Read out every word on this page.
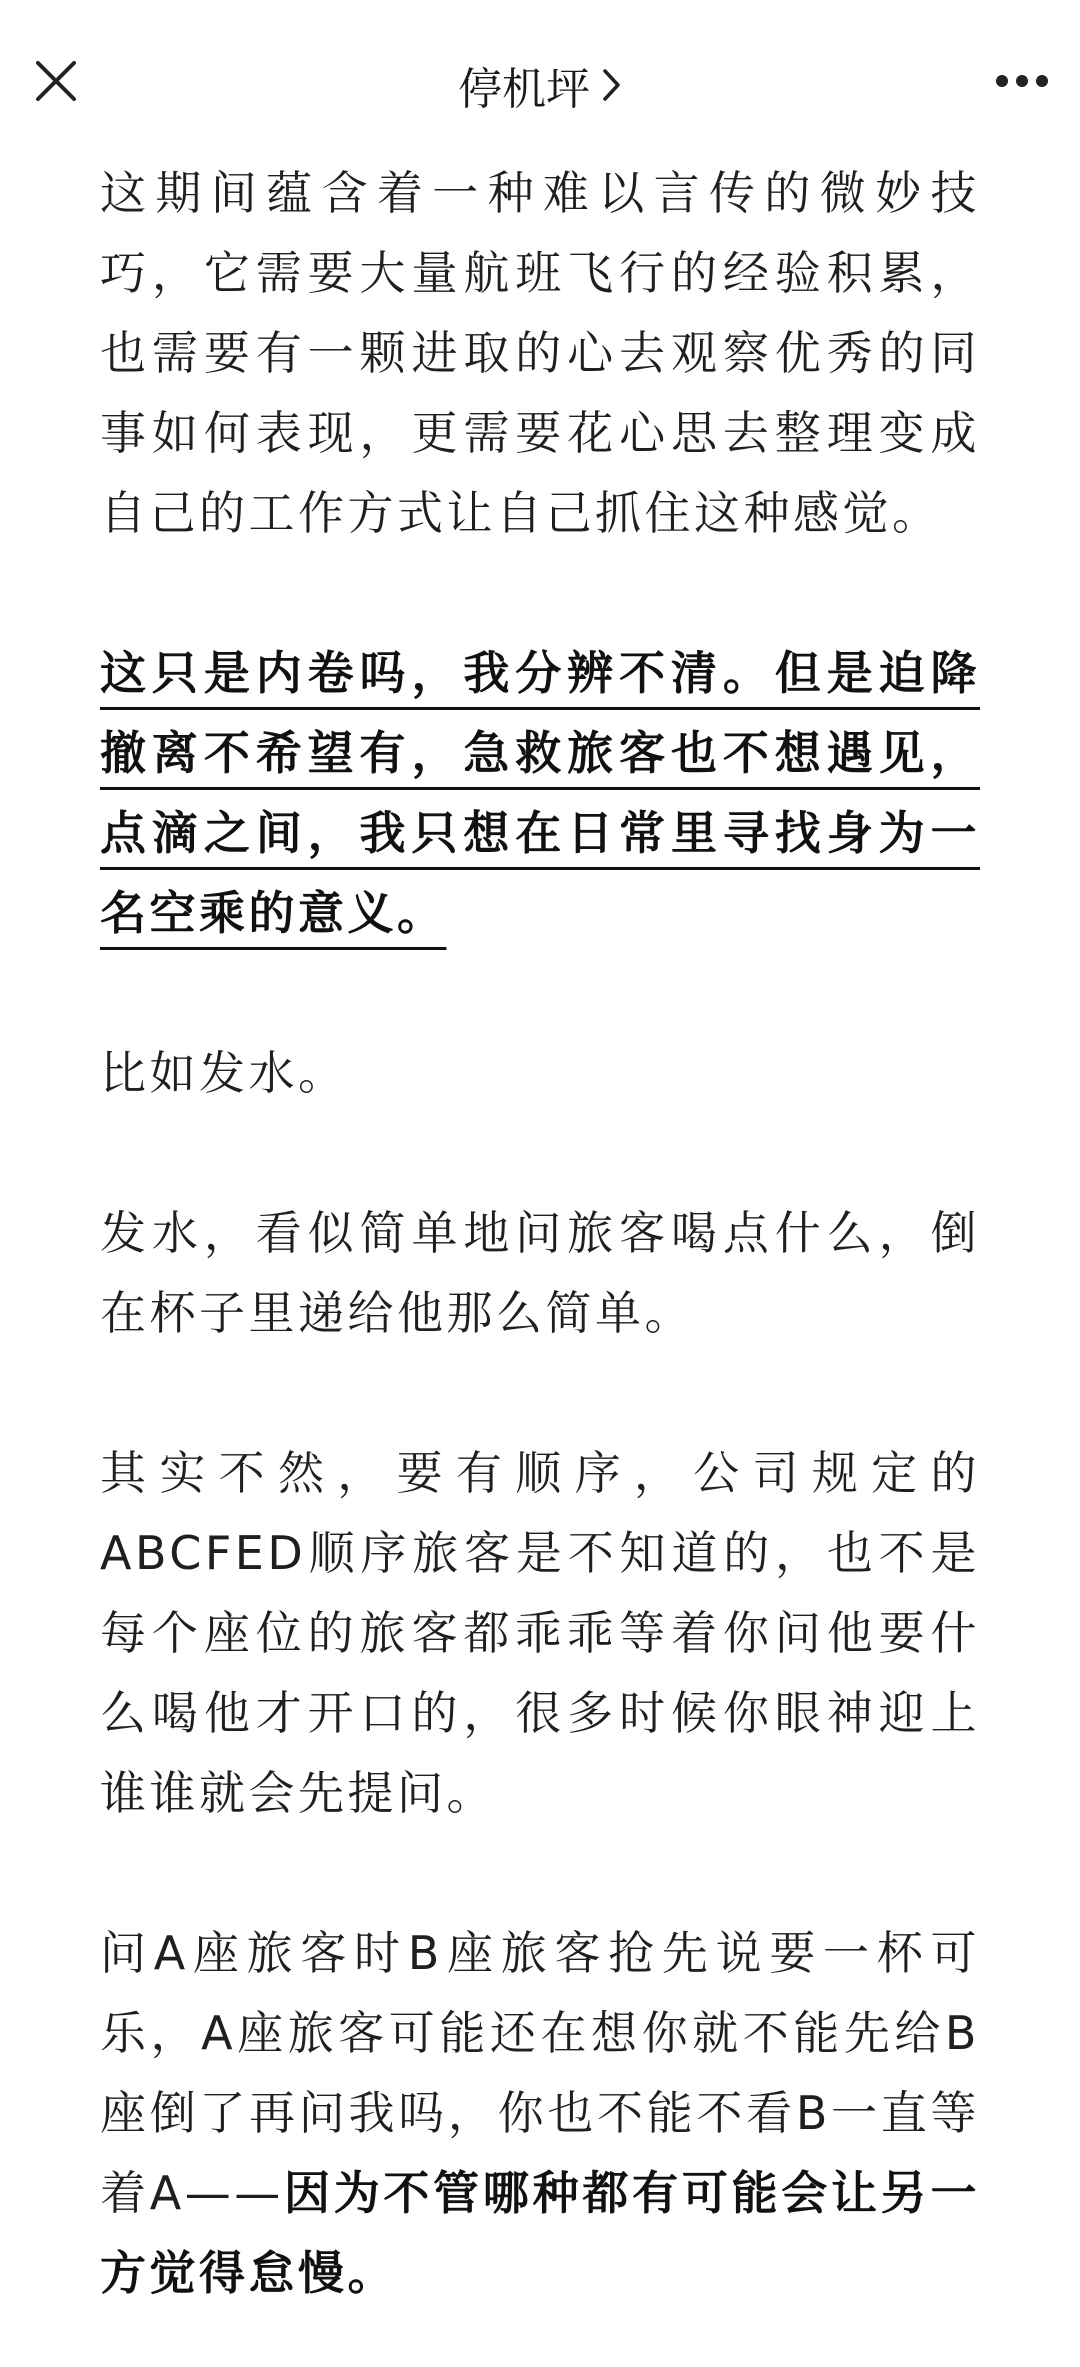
停机坪

这期间蕴含着一种难以言传的微妙技巧，它需要大量航班飞行的经验积累，也需要有一颗进取的心去观察优秀的同事如何表现，更需要花心思去整理变成自己的工作方式让自己抓住这种感觉。

这只是内卷吗，我分辨不清。但是迫降撤离不希望有，急救旅客也不想遇见，点滴之间，我只想在日常里寻找身为一名空乘的意义。

比如发水。

发水，看似简单地问旅客喝点什么，倒在杯子里递给他那么简单。

其实不然，要有顺序，公司规定的ABCFED顺序旅客是不知道的，也不是每个座位的旅客都乖乖等着你问他要什么喝他才开口的，很多时候你眼神迎上谁谁就会先提问。

问A座旅客时B座旅客抢先说要一杯可乐，A座旅客可能还在想你就不能先给B座倒了再问我吗，你也不能不看B一直等着A——因为不管哪种都有可能会让另一方觉得怠慢。
